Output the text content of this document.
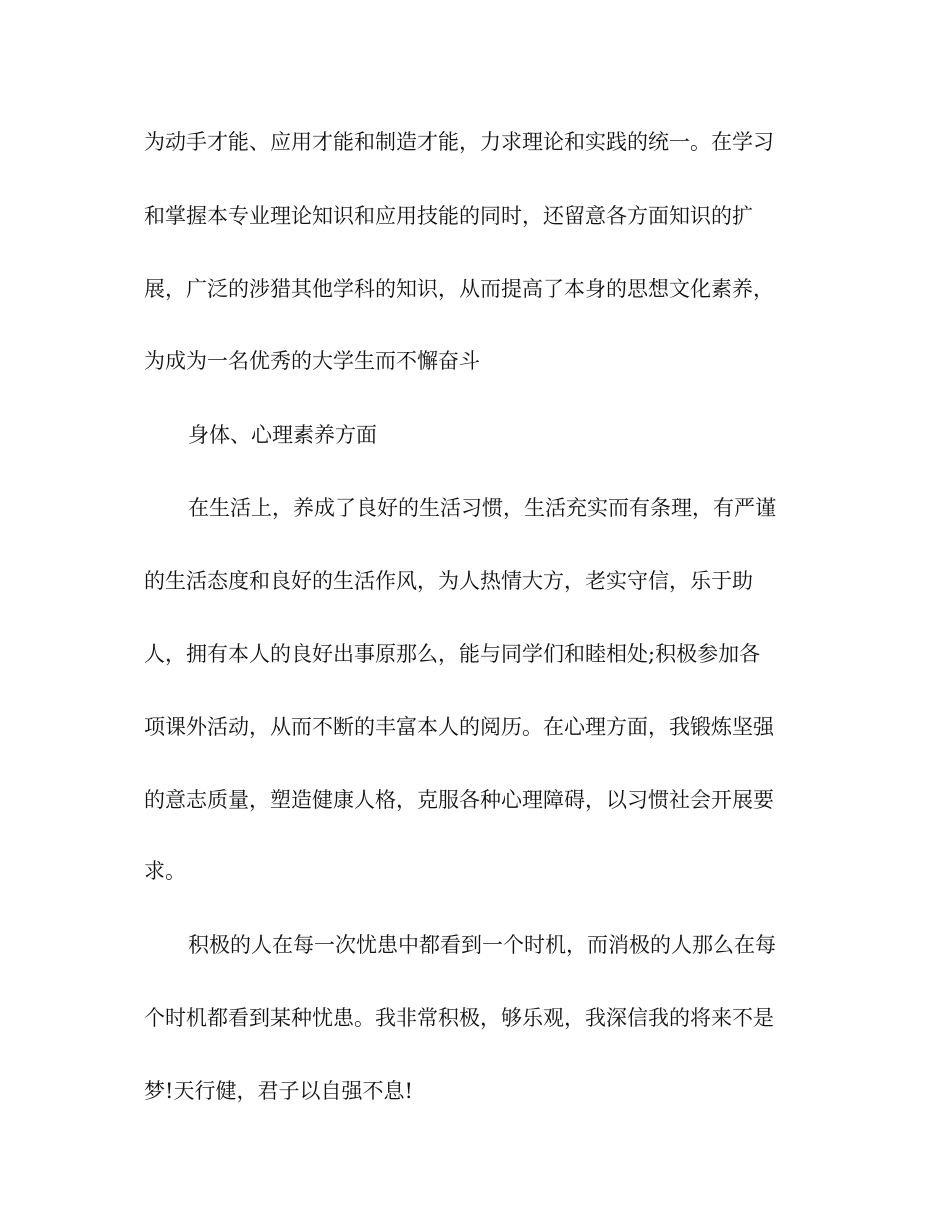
为动手才能、应用才能和制造才能，力求理论和实践的统一。在学习
和掌握本专业理论知识和应用技能的同时，还留意各方面知识的扩
展，广泛的涉猎其他学科的知识，从而提高了本身的思想文化素养，
为成为一名优秀的大学生而不懈奋斗
身体、心理素养方面
在生活上，养成了良好的生活习惯，生活充实而有条理，有严谨
的生活态度和良好的生活作风，为人热情大方，老实守信，乐于助
人，拥有本人的良好出事原那么，能与同学们和睦相处;积极参加各
项课外活动，从而不断的丰富本人的阅历。在心理方面，我锻炼坚强
的意志质量，塑造健康人格，克服各种心理障碍，以习惯社会开展要
求。
积极的人在每一次忧患中都看到一个时机，而消极的人那么在每
个时机都看到某种忧患。我非常积极，够乐观，我深信我的将来不是
梦!天行健，君子以自强不息!
